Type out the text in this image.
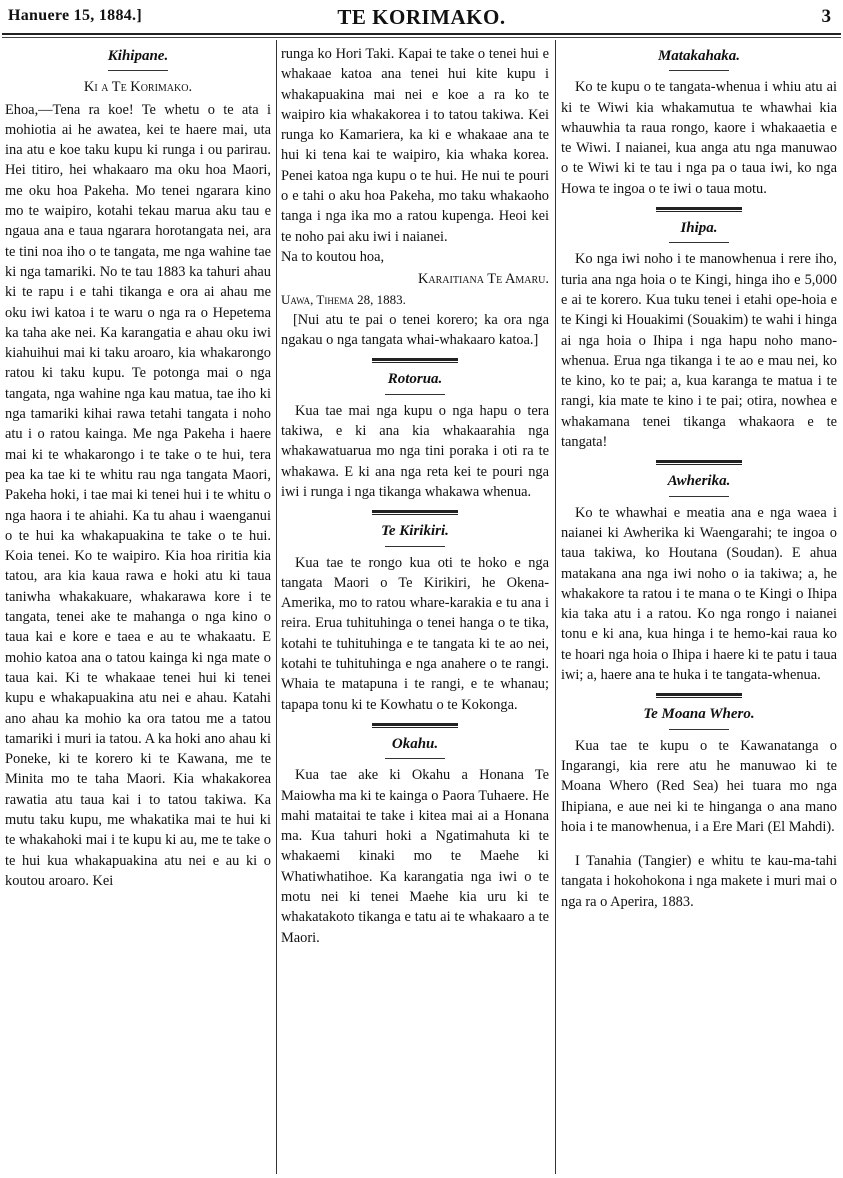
Hanuere 15, 1884.]	TE KORIMAKO.	3
Kihipane.
Ki a Te Korimako.

Ehoa,—Tena ra koe! Te whetu o te ata i mohiotia ai he awatea, kei te haere mai, uta ina atu e koe taku kupu ki runga i ou parirau. Hei titiro, hei whakaaro ma oku hoa Maori, me oku hoa Pakeha. Mo tenei ngarara kino mo te waipiro, kotahi tekau marua aku tau e ngaua ana e taua ngarara horotangata nei, ara te tini noa iho o te tangata, me nga wahine tae ki nga tamariki. No te tau 1883 ka tahuri ahau ki te rapu i e tahi tikanga e ora ai ahau me oku iwi katoa i te waru o nga ra o Hepetema ka taha ake nei. Ka karangatia e ahau oku iwi kiahuihui mai ki taku aroaro, kia whakarongo ratou ki taku kupu. Te potonga mai o nga tangata, nga wahine nga kau matua, tae iho ki nga tamariki kihai rawa tetahi tangata i noho atu i o ratou kainga. Me nga Pakeha i haere mai ki te whakarongo i te take o te hui, tera pea ka tae ki te whitu rau nga tangata Maori, Pakeha hoki, i tae mai ki tenei hui i te whitu o nga haora i te ahiahi. Ka tu ahau i waenganui o te hui ka whakapuakina te take o te hui. Koia tenei. Ko te waipiro. Kia hoa riritia kia tatou, ara kia kaua rawa e hoki atu ki taua taniwha whakakuare, whakarawa kore i te tangata, tenei ake te mahanga o nga kino o taua kai e kore e taea e au te whakaatu. E mohio katoa ana o tatou kainga ki nga mate o taua kai. Ki te whakaae tenei hui ki tenei kupu e whakapuakina atu nei e ahau. Katahi ano ahau ka mohio ka ora tatou me a tatou tamariki i muri ia tatou. A ka hoki ano ahau ki Poneke, ki te korero ki te Kawana, me te Minita mo te taha Maori. Kia whakakorea rawatia atu taua kai i to tatou takiwa. Ka mutu taku kupu, me whakatika mai te hui ki te whakahoki mai i te kupu ki au, me te take o te hui kua whakapuakina atu nei e au ki o koutou aroaro. Kei

runga ko Hori Taki. Kapai te take o tenei hui e whakaae katoa ana tenei hui kite kupu i whakapuakina mai nei e koe a ra ko te waipiro kia whakakorea i to tatou takiwa. Kei runga ko Kamariera, ka ki e whakaae ana te hui ki tena kai te waipiro, kia whaka korea. Penei katoa nga kupu o te hui. He nui te pouri o e tahi o aku hoa Pakeha, mo taku whakaoho tanga i nga ika mo a ratou kupenga. Heoi kei te noho pai aku iwi i naianei.

Na to koutou hoa,

Karaitiana Te Amaru.

Uawa, Tihema 28, 1883.

[Nui atu te pai o tenei korero; ka ora nga ngakau o nga tangata whai-whakaaro katoa.]

Rotorua.

Kua tae mai nga kupu o nga hapu o tera takiwa, e ki ana kia whakaarahia nga whakawatuarua mo nga tini poraka i oti ra te whakawa. E ki ana nga reta kei te pouri nga iwi i runga i nga tikanga whakawa whenua.

Te Kirikiri.

Kua tae te rongo kua oti te hoko e nga tangata Maori o Te Kirikiri, he Okena-Amerika, mo to ratou whare-karakia e tu ana i reira. Erua tuhituhinga o tenei hanga o te tika, kotahi te tuhituhinga e te tangata ki te ao nei, kotahi te tuhituhinga e nga anahere o te rangi. Whaia te matapuna i te rangi, e te whanau; tapapa tonu ki te Kowhatu o te Kokonga.

Okahu.

Kua tae ake ki Okahu a Honana Te Maiowha ma ki te kainga o Paora Tuhaere. He mahi mataitai te take i kitea mai ai a Honana ma. Kua tahuri hoki a Ngatimahuta ki te whakaemi kinaki mo te Maehe ki Whatiwhatihoe. Ka karangatia nga iwi o te motu nei ki tenei Maehe kia uru ki te whakatakoto tikanga e tatu ai te whakaaro a te Maori.

Matakahaka.

Ko te kupu o te tangata-whenua i whiu atu ai ki te Wiwi kia whakamutua te whawhai kia whauwhia ta raua rongo, kaore i whakaaetia e te Wiwi. I naianei, kua anga atu nga manuwao o te Wiwi ki te tau i nga pa o taua iwi, ko nga Howa te ingoa o te iwi o taua motu.

Ihipa.

Ko nga iwi noho i te manowhenua i rere iho, turia ana nga hoia o te Kingi, hinga iho e 5,000 e ai te korero. Kua tuku tenei i etahi ope-hoia e te Kingi ki Houakimi (Souakim) te wahi i hinga ai nga hoia o Ihipa i nga hapu noho mano-whenua. Erua nga tikanga i te ao e mau nei, ko te kino, ko te pai; a, kua karanga te matua i te rangi, kia mate te kino i te pai; otira, nowhea e whakamana tenei tikanga whakaora e te tangata!

Awherika.

Ko te whawhai e meatia ana e nga waea i naianei ki Awherika ki Waengarahi; te ingoa o taua takiwa, ko Houtana (Soudan). E ahua matakana ana nga iwi noho o ia takiwa; a, he whakakore ta ratou i te mana o te Kingi o Ihipa kia taka atu i a ratou. Ko nga rongo i naianei tonu e ki ana, kua hinga i te hemo-kai raua ko te hoari nga hoia o Ihipa i haere ki te patu i taua iwi; a, haere ana te huka i te tangata-whenua.

Te Moana Whero.

Kua tae te kupu o te Kawanatanga o Ingarangi, kia rere atu he manuwao ki te Moana Whero (Red Sea) hei tuara mo nga Ihipiana, e aue nei ki te hinganga o ana mano hoia i te manowhenua, i a Ere Mari (El Mahdi).

I Tanahia (Tangier) e whitu te kau-ma-tahi tangata i hokohokona i nga makete i muri mai o nga ra o Aperira, 1883.
